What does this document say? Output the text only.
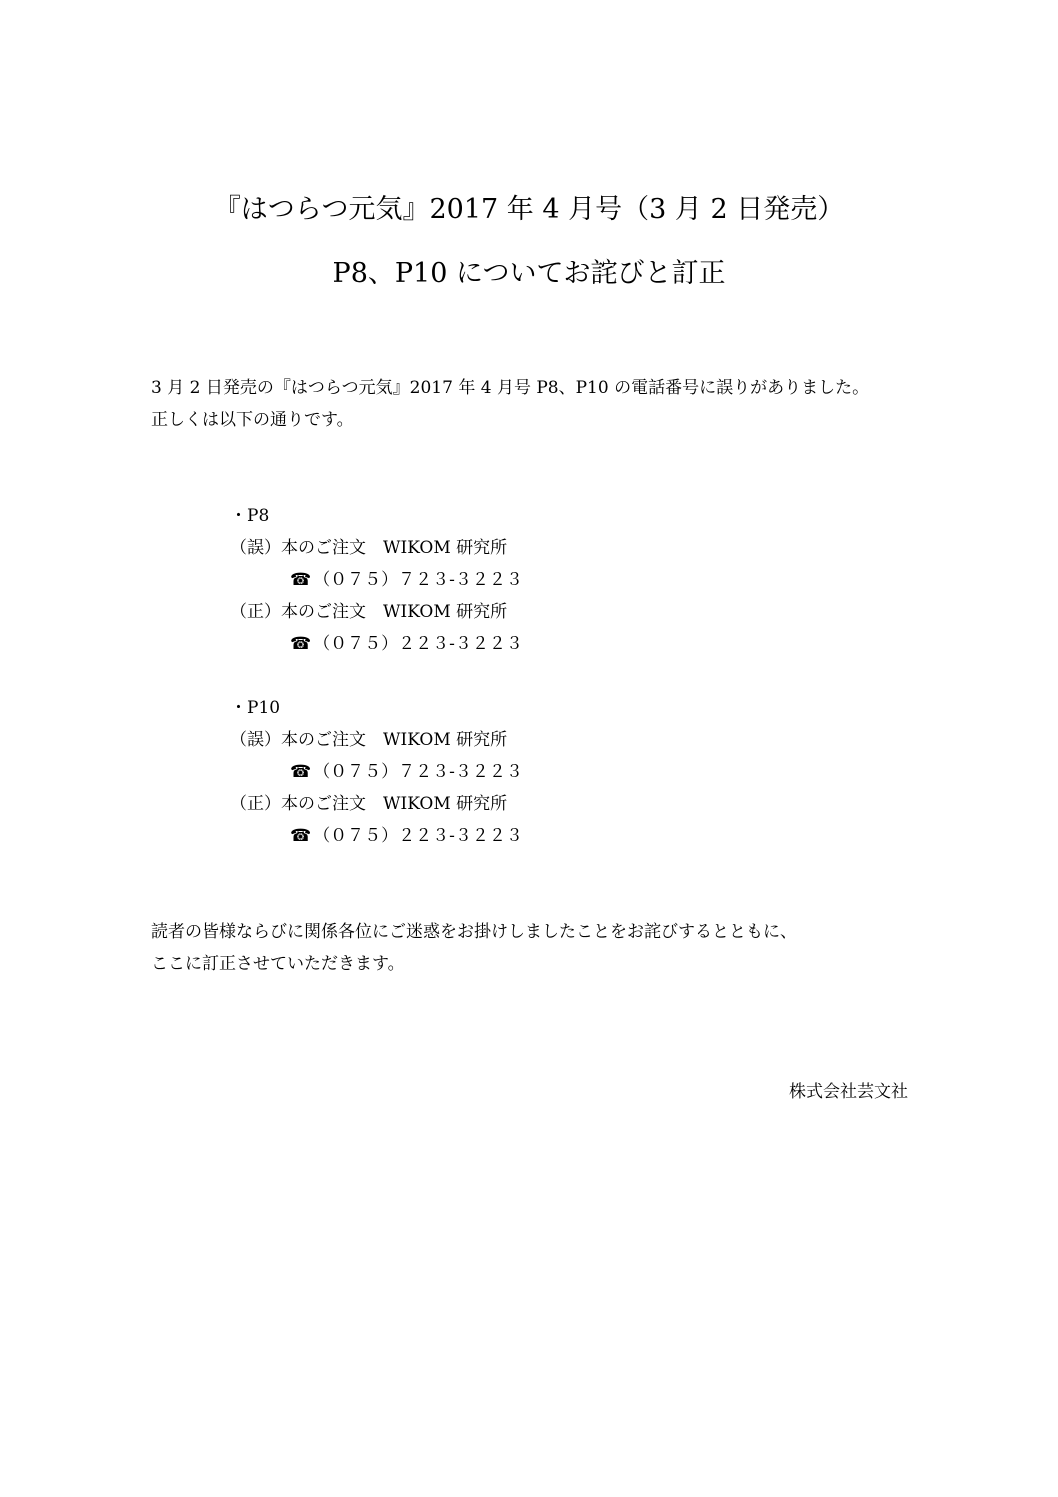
『はつらつ元気』2017 年 4 月号（3 月 2 日発売）
P8、P10 についてお詫びと訂正
3 月 2 日発売の『はつらつ元気』2017 年 4 月号 P8、P10 の電話番号に誤りがありました。
正しくは以下の通りです。
・P8
（誤）本のご注文　WIKOM 研究所
☎ （０７５）７２３-３２２３
（正）本のご注文　WIKOM 研究所
☎ （０７５）２２３-３２２３
・P10
（誤）本のご注文　WIKOM 研究所
☎ （０７５）７２３-３２２３
（正）本のご注文　WIKOM 研究所
☎ （０７５）２２３-３２２３
読者の皆様ならびに関係各位にご迷惑をお掛けしましたことをお詫びするとともに、
ここに訂正させていただきます。
株式会社芸文社
